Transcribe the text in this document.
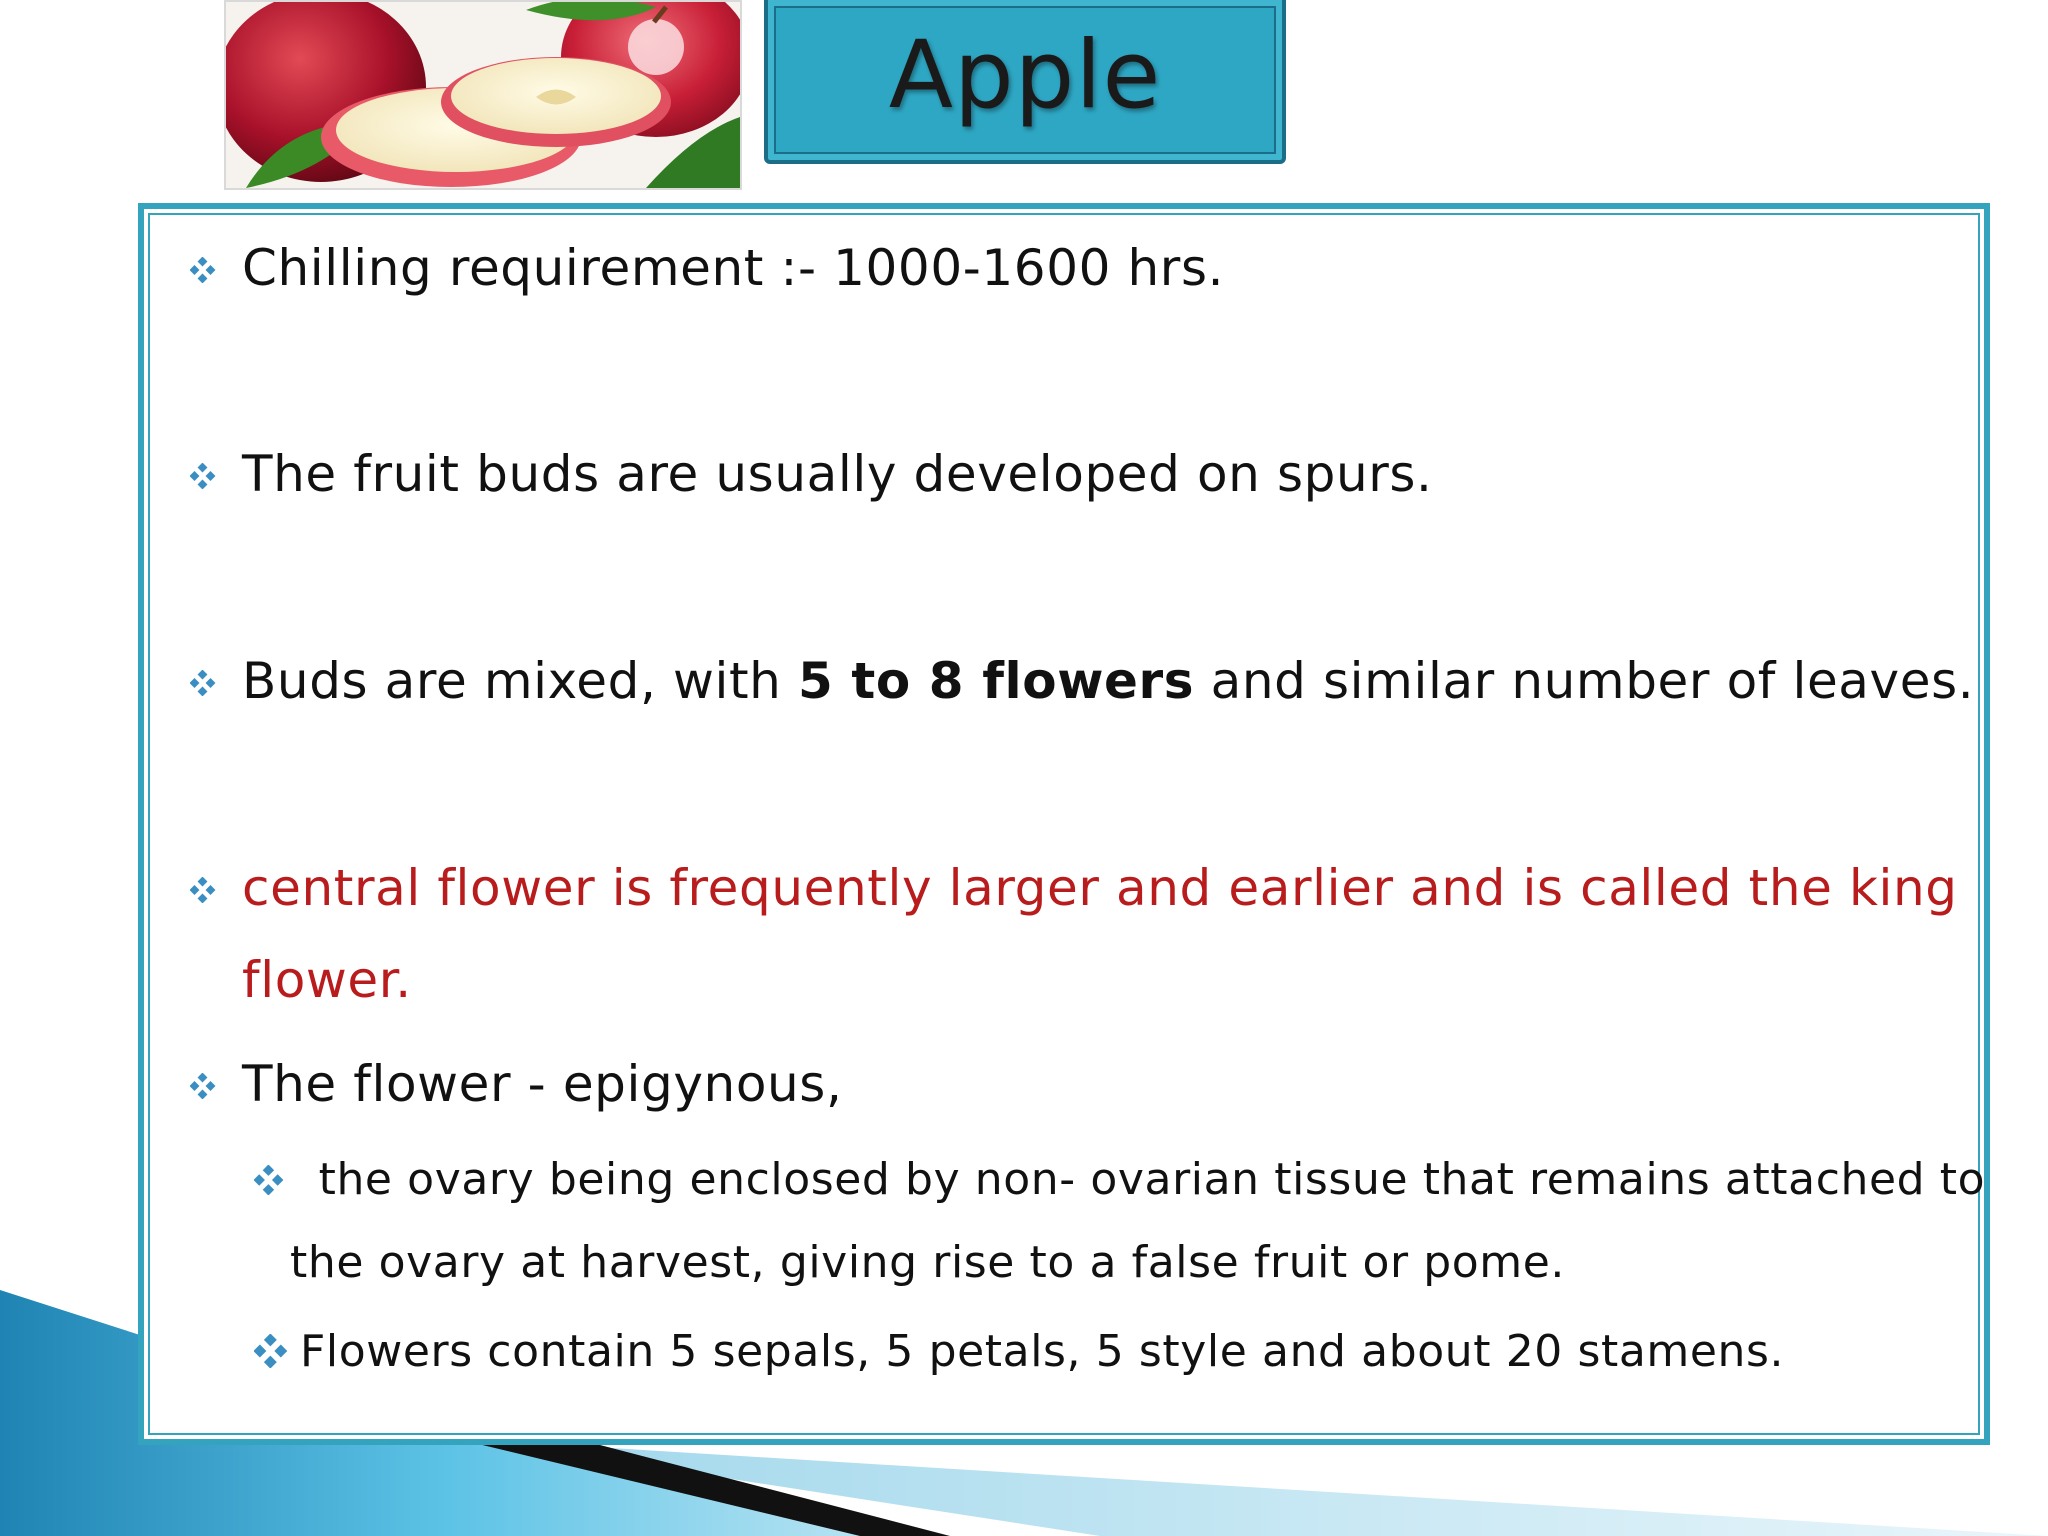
Apple
Chilling requirement :- 1000-1600 hrs.
The fruit buds are usually developed on spurs.
Buds are mixed, with 5 to 8 flowers and similar number of leaves.
central flower is frequently larger and earlier and is called the king
flower.
The flower - epigynous,
the ovary being enclosed by non- ovarian tissue that remains attached to
the ovary at harvest, giving rise to a false fruit or pome.
Flowers contain 5 sepals, 5 petals, 5 style and about 20 stamens.
